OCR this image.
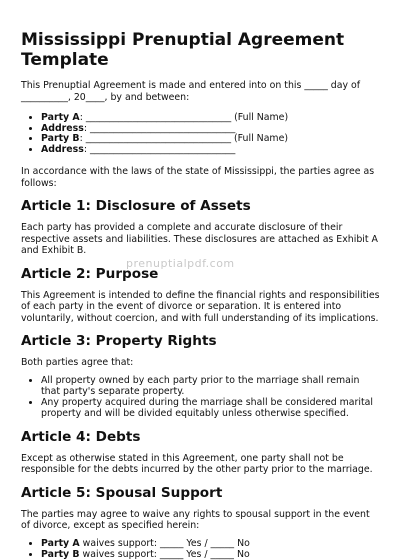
Mississippi Prenuptial Agreement Template

This Prenuptial Agreement is made and entered into on this _____ day of __________, 20____, by and between:

• Party A: _______________________________ (Full Name)
• Address: _______________________________
• Party B: _______________________________ (Full Name)
• Address: _______________________________

In accordance with the laws of the state of Mississippi, the parties agree as follows:

Article 1: Disclosure of Assets

Each party has provided a complete and accurate disclosure of their respective assets and liabilities. These disclosures are attached as Exhibit A and Exhibit B.

Article 2: Purpose

This Agreement is intended to define the financial rights and responsibilities of each party in the event of divorce or separation. It is entered into voluntarily, without coercion, and with full understanding of its implications.

Article 3: Property Rights

Both parties agree that:

• All property owned by each party prior to the marriage shall remain that party's separate property.
• Any property acquired during the marriage shall be considered marital property and will be divided equitably unless otherwise specified.
Article 4: Debts

Except as otherwise stated in this Agreement, one party shall not be responsible for the debts incurred by the other party prior to the marriage.

Article 5: Spousal Support

The parties may agree to waive any rights to spousal support in the event of divorce, except as specified herein:

• Party A waives support: _____ Yes / _____ No
• Party B waives support: _____ Yes / _____ No
prenuptialpdf.com
